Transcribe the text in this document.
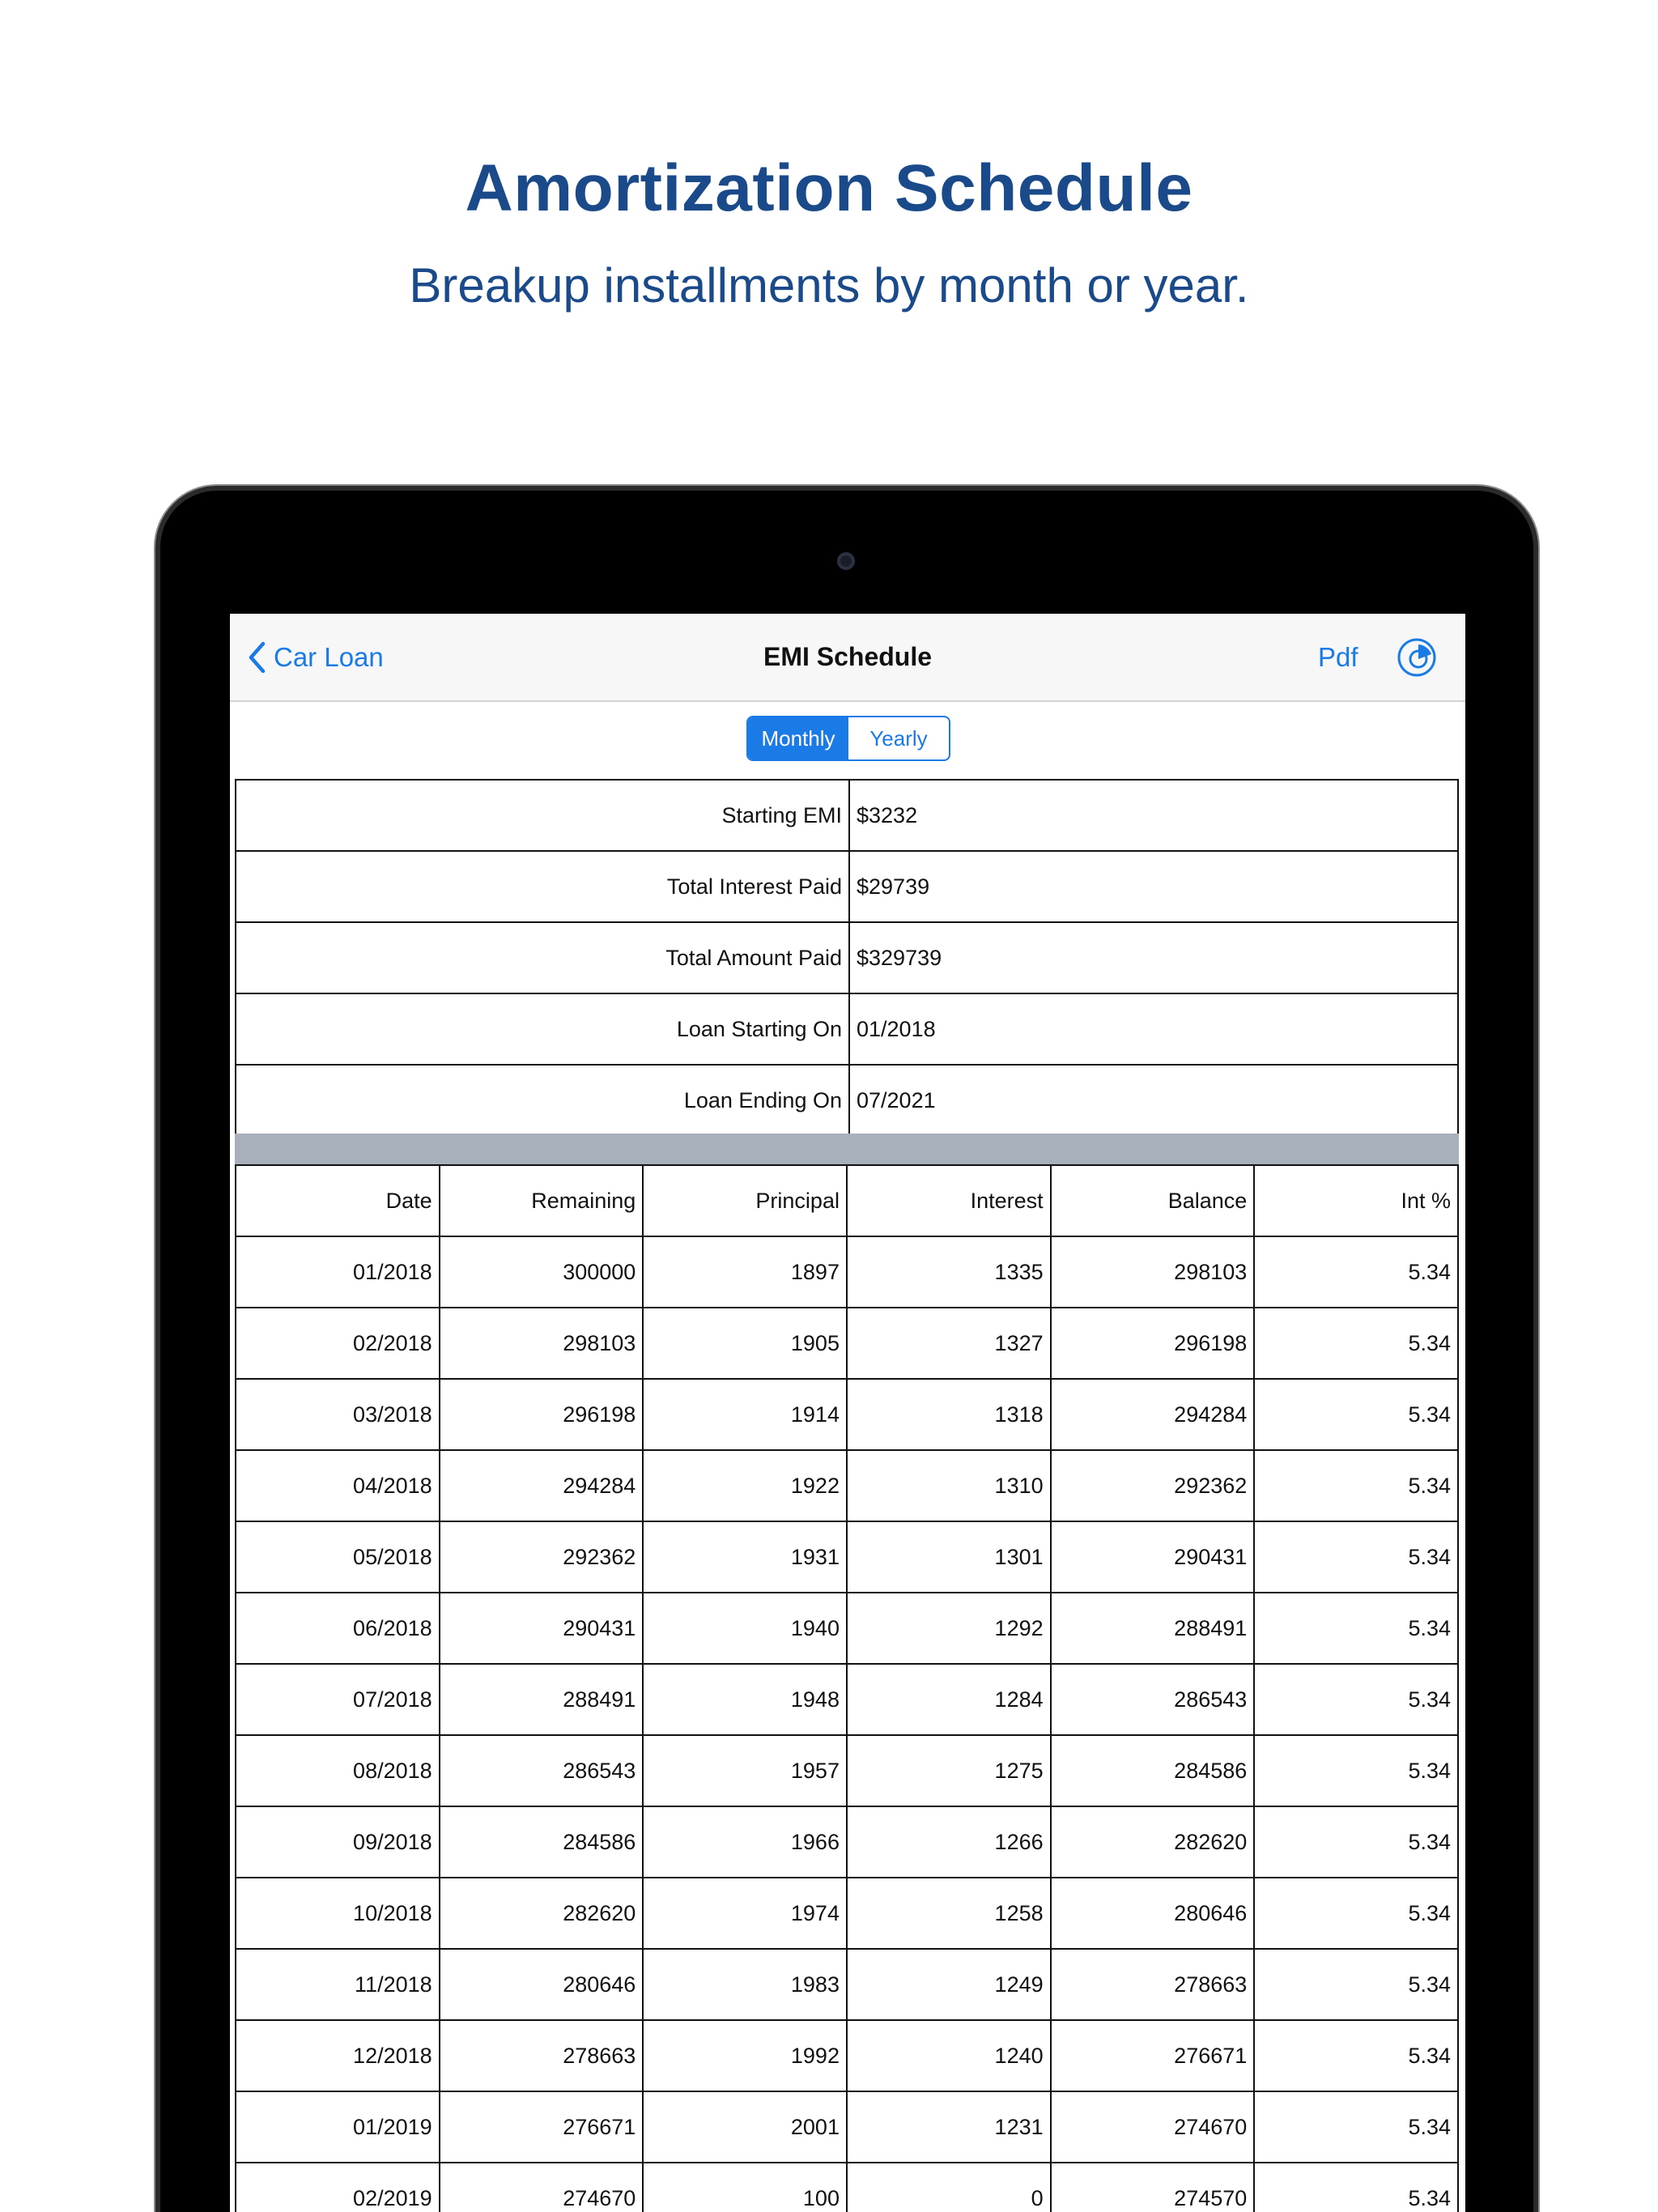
Amortization Schedule
Breakup installments by month or year.
Car Loan	EMI Schedule	Pdf
Monthly	Yearly
Starting EMI	$3232
Total Interest Paid	$29739
Total Amount Paid	$329739
Loan Starting On	01/2018
Loan Ending On	07/2021
Date	Remaining	Principal	Interest	Balance	Int %
01/2018	300000	1897	1335	298103	5.34
02/2018	298103	1905	1327	296198	5.34
03/2018	296198	1914	1318	294284	5.34
04/2018	294284	1922	1310	292362	5.34
05/2018	292362	1931	1301	290431	5.34
06/2018	290431	1940	1292	288491	5.34
07/2018	288491	1948	1284	286543	5.34
08/2018	286543	1957	1275	284586	5.34
09/2018	284586	1966	1266	282620	5.34
10/2018	282620	1974	1258	280646	5.34
11/2018	280646	1983	1249	278663	5.34
12/2018	278663	1992	1240	276671	5.34
01/2019	276671	2001	1231	274670	5.34
02/2019	274670	100	0	274570	5.34
